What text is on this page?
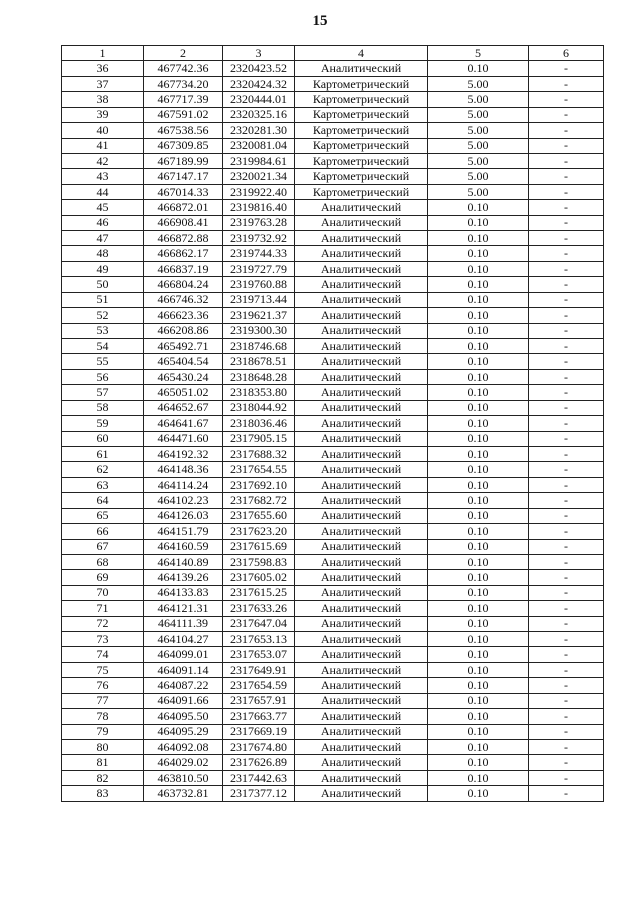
15
1	2	3	4	5	6
36	467742.36	2320423.52	Аналитический	0.10	-
37	467734.20	2320424.32	Картометрический	5.00	-
38	467717.39	2320444.01	Картометрический	5.00	-
39	467591.02	2320325.16	Картометрический	5.00	-
40	467538.56	2320281.30	Картометрический	5.00	-
41	467309.85	2320081.04	Картометрический	5.00	-
42	467189.99	2319984.61	Картометрический	5.00	-
43	467147.17	2320021.34	Картометрический	5.00	-
44	467014.33	2319922.40	Картометрический	5.00	-
45	466872.01	2319816.40	Аналитический	0.10	-
46	466908.41	2319763.28	Аналитический	0.10	-
47	466872.88	2319732.92	Аналитический	0.10	-
48	466862.17	2319744.33	Аналитический	0.10	-
49	466837.19	2319727.79	Аналитический	0.10	-
50	466804.24	2319760.88	Аналитический	0.10	-
51	466746.32	2319713.44	Аналитический	0.10	-
52	466623.36	2319621.37	Аналитический	0.10	-
53	466208.86	2319300.30	Аналитический	0.10	-
54	465492.71	2318746.68	Аналитический	0.10	-
55	465404.54	2318678.51	Аналитический	0.10	-
56	465430.24	2318648.28	Аналитический	0.10	-
57	465051.02	2318353.80	Аналитический	0.10	-
58	464652.67	2318044.92	Аналитический	0.10	-
59	464641.67	2318036.46	Аналитический	0.10	-
60	464471.60	2317905.15	Аналитический	0.10	-
61	464192.32	2317688.32	Аналитический	0.10	-
62	464148.36	2317654.55	Аналитический	0.10	-
63	464114.24	2317692.10	Аналитический	0.10	-
64	464102.23	2317682.72	Аналитический	0.10	-
65	464126.03	2317655.60	Аналитический	0.10	-
66	464151.79	2317623.20	Аналитический	0.10	-
67	464160.59	2317615.69	Аналитический	0.10	-
68	464140.89	2317598.83	Аналитический	0.10	-
69	464139.26	2317605.02	Аналитический	0.10	-
70	464133.83	2317615.25	Аналитический	0.10	-
71	464121.31	2317633.26	Аналитический	0.10	-
72	464111.39	2317647.04	Аналитический	0.10	-
73	464104.27	2317653.13	Аналитический	0.10	-
74	464099.01	2317653.07	Аналитический	0.10	-
75	464091.14	2317649.91	Аналитический	0.10	-
76	464087.22	2317654.59	Аналитический	0.10	-
77	464091.66	2317657.91	Аналитический	0.10	-
78	464095.50	2317663.77	Аналитический	0.10	-
79	464095.29	2317669.19	Аналитический	0.10	-
80	464092.08	2317674.80	Аналитический	0.10	-
81	464029.02	2317626.89	Аналитический	0.10	-
82	463810.50	2317442.63	Аналитический	0.10	-
83	463732.81	2317377.12	Аналитический	0.10	-
